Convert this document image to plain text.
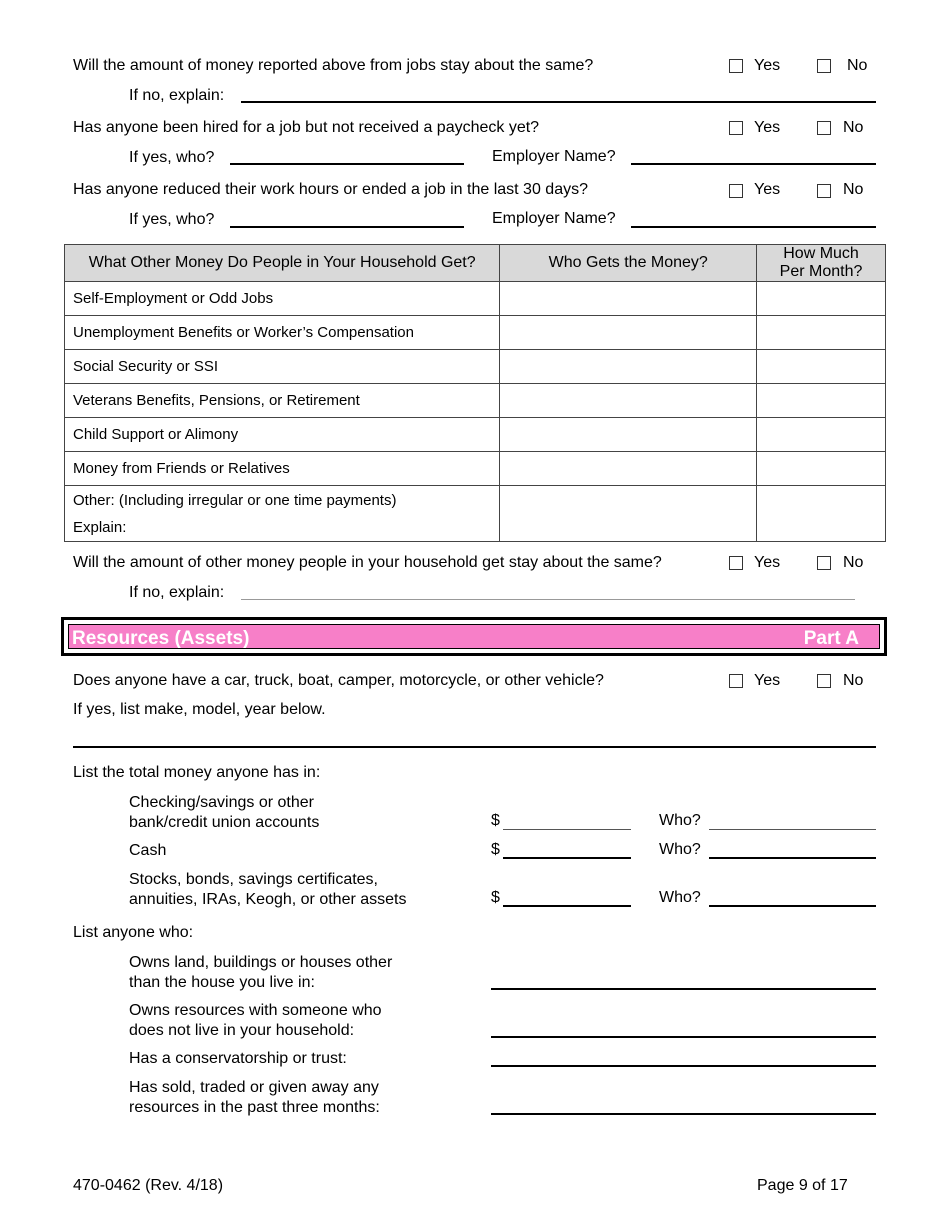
Will the amount of money reported above from jobs stay about the same?	Yes	No
If no, explain:
Has anyone been hired for a job but not received a paycheck yet?	Yes	No
If yes, who?	Employer Name?
Has anyone reduced their work hours or ended a job in the last 30 days?	Yes	No
If yes, who?	Employer Name?
What Other Money Do People in Your Household Get?	Who Gets the Money?	How Much Per Month?
Self-Employment or Odd Jobs		
Unemployment Benefits or Worker’s Compensation		
Social Security or SSI		
Veterans Benefits, Pensions, or Retirement		
Child Support or Alimony		
Money from Friends or Relatives		

Other: (Including irregular or one time payments)
Explain:		

Will the amount of other money people in your household get stay about the same?	Yes	No
If no, explain:
Resources (Assets)	Part A
Does anyone have a car, truck, boat, camper, motorcycle, or other vehicle?	Yes	No
If yes, list make, model, year below.
List the total money anyone has in:
Checking/savings or other
bank/credit union accounts	$	Who?
Cash	$	Who?
Stocks, bonds, savings certificates,
annuities, IRAs, Keogh, or other assets	$	Who?
List anyone who:
Owns land, buildings or houses other
than the house you live in:
Owns resources with someone who
does not live in your household:
Has a conservatorship or trust:
Has sold, traded or given away any
resources in the past three months:
470-0462 (Rev. 4/18)	Page 9 of 17
